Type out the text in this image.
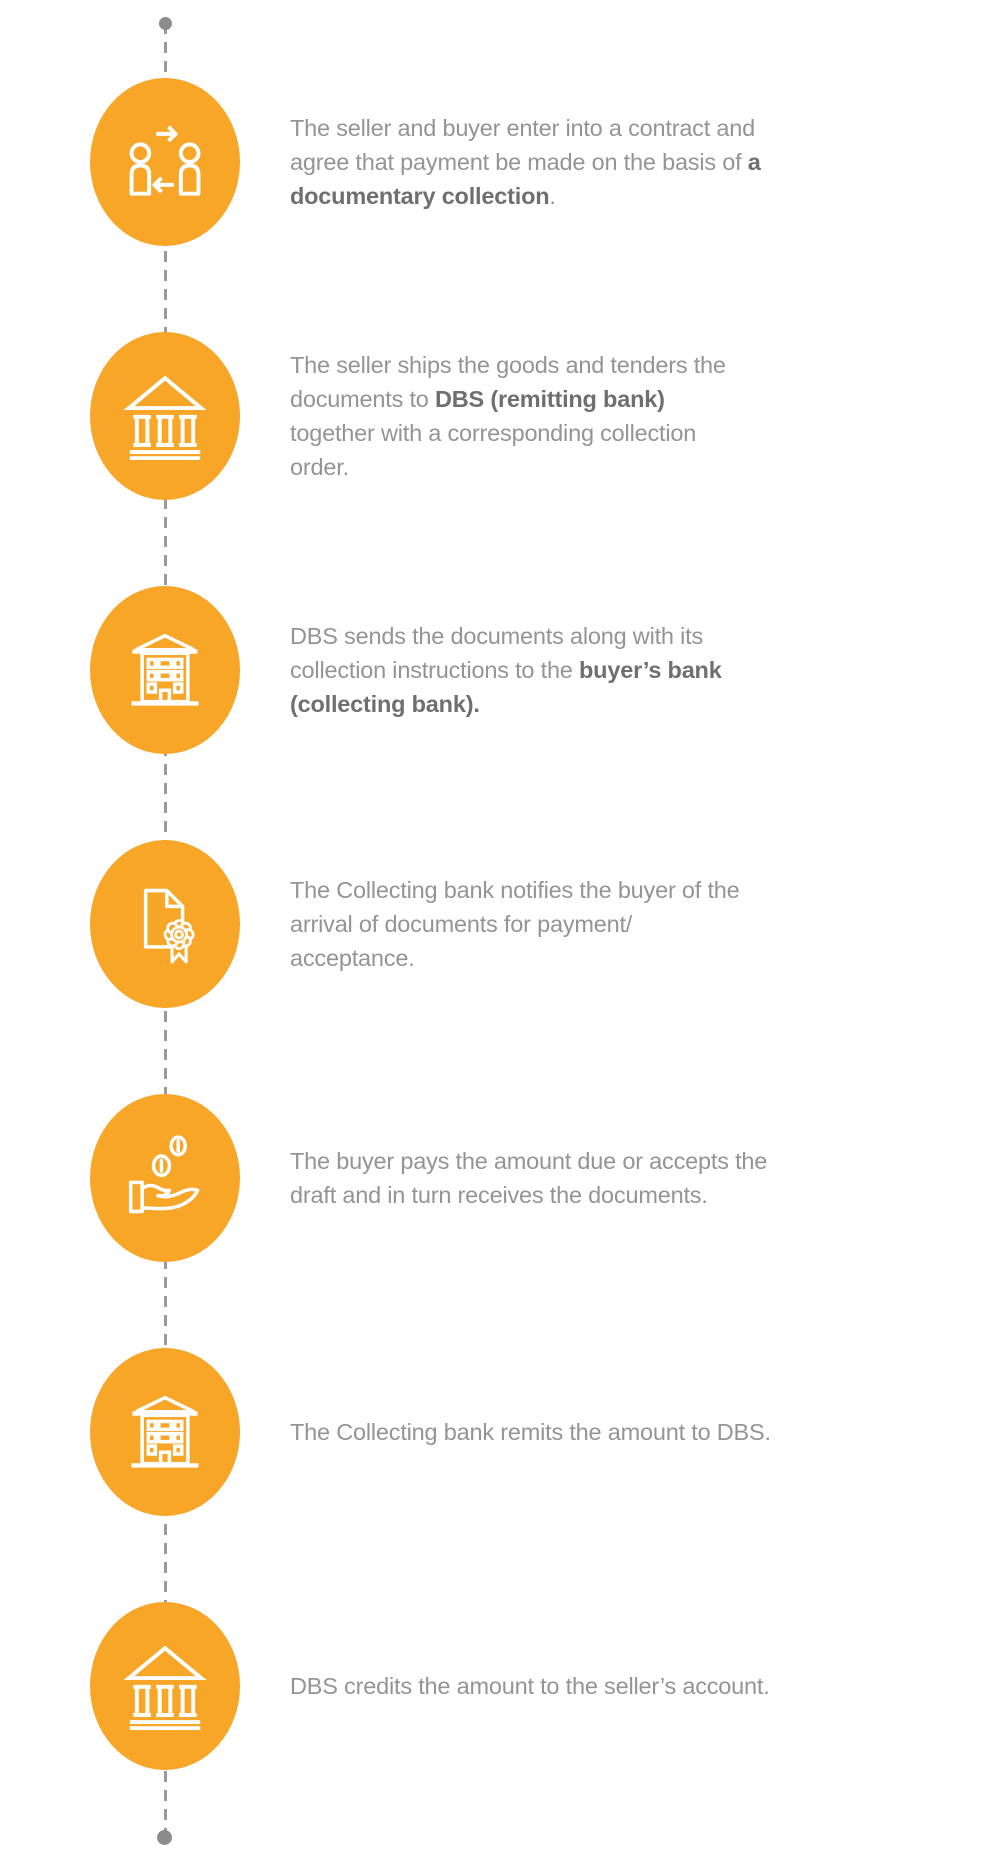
The seller and buyer enter into a contract and
agree that payment be made on the basis of a
documentary collection.
The seller ships the goods and tenders the
documents to DBS (remitting bank)
together with a corresponding collection
order.
DBS sends the documents along with its
collection instructions to the buyer’s bank
(collecting bank).
The Collecting bank notifies the buyer of the
arrival of documents for payment/
acceptance.
The buyer pays the amount due or accepts the
draft and in turn receives the documents.
The Collecting bank remits the amount to DBS.
DBS credits the amount to the seller’s account.
